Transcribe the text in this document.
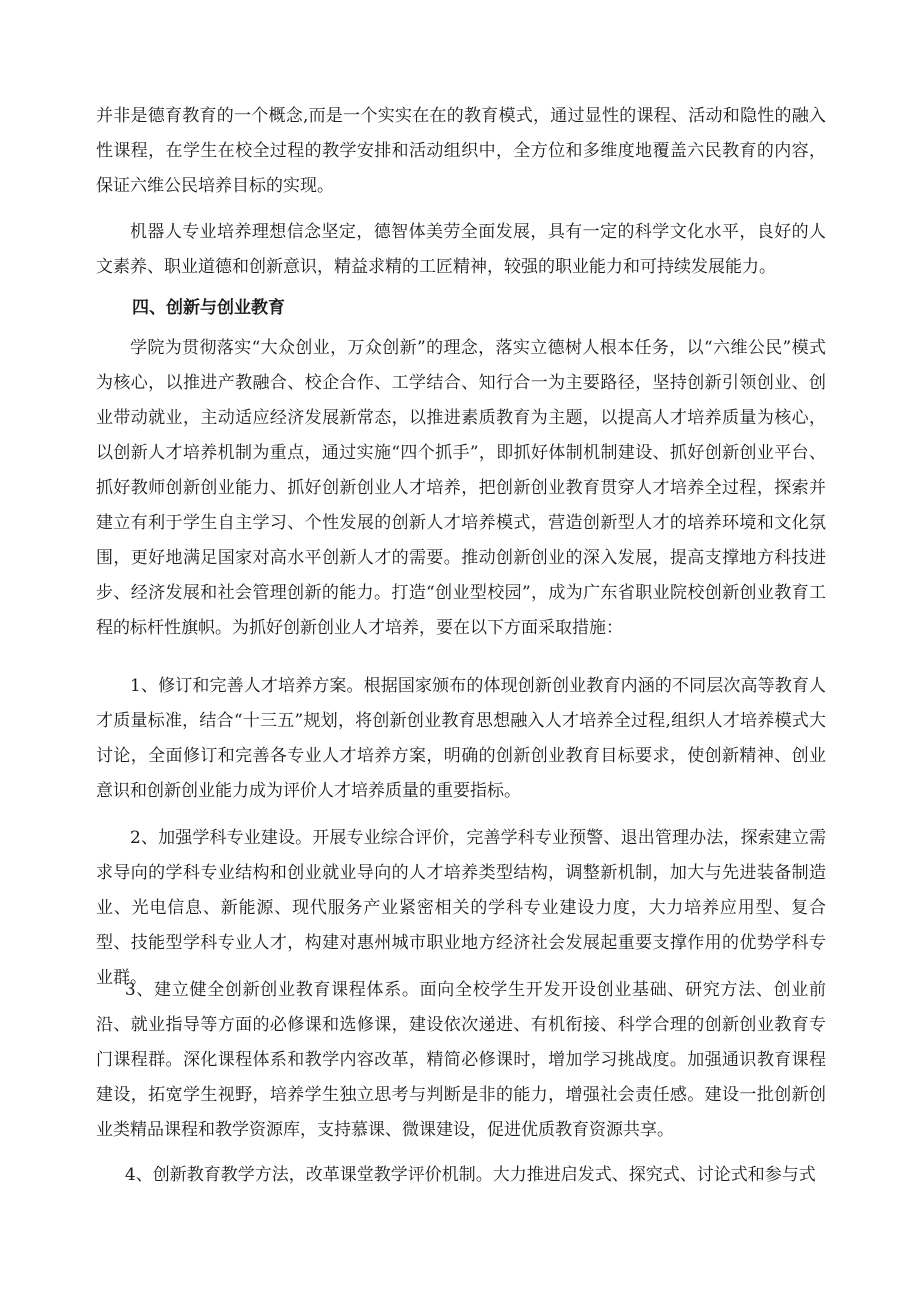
并非是德育教育的一个概念,而是一个实实在在的教育模式，通过显性的课程、活动和隐性的融入性课程，在学生在校全过程的教学安排和活动组织中，全方位和多维度地覆盖六民教育的内容，保证六维公民培养目标的实现。

机器人专业培养理想信念坚定，德智体美劳全面发展，具有一定的科学文化水平，良好的人文素养、职业道德和创新意识，精益求精的工匠精神，较强的职业能力和可持续发展能力。

四、创新与创业教育

学院为贯彻落实“大众创业，万众创新”的理念，落实立德树人根本任务，以“六维公民”模式为核心，以推进产教融合、校企合作、工学结合、知行合一为主要路径，坚持创新引领创业、创业带动就业，主动适应经济发展新常态，以推进素质教育为主题，以提高人才培养质量为核心，以创新人才培养机制为重点，通过实施“四个抓手”，即抓好体制机制建设、抓好创新创业平台、抓好教师创新创业能力、抓好创新创业人才培养，把创新创业教育贯穿人才培养全过程，探索并建立有利于学生自主学习、个性发展的创新人才培养模式，营造创新型人才的培养环境和文化氛围，更好地满足国家对高水平创新人才的需要。推动创新创业的深入发展，提高支撑地方科技进步、经济发展和社会管理创新的能力。打造“创业型校园”，成为广东省职业院校创新创业教育工程的标杆性旗帜。为抓好创新创业人才培养，要在以下方面采取措施：

1、修订和完善人才培养方案。根据国家颁布的体现创新创业教育内涵的不同层次高等教育人才质量标准，结合“十三五”规划，将创新创业教育思想融入人才培养全过程,组织人才培养模式大讨论，全面修订和完善各专业人才培养方案，明确的创新创业教育目标要求，使创新精神、创业意识和创新创业能力成为评价人才培养质量的重要指标。

2、加强学科专业建设。开展专业综合评价，完善学科专业预警、退出管理办法，探索建立需求导向的学科专业结构和创业就业导向的人才培养类型结构，调整新机制，加大与先进装备制造业、光电信息、新能源、现代服务产业紧密相关的学科专业建设力度，大力培养应用型、复合型、技能型学科专业人才，构建对惠州城市职业地方经济社会发展起重要支撑作用的优势学科专业群。

3、建立健全创新创业教育课程体系。面向全校学生开发开设创业基础、研究方法、创业前沿、就业指导等方面的必修课和选修课，建设依次递进、有机衔接、科学合理的创新创业教育专门课程群。深化课程体系和教学内容改革，精简必修课时，增加学习挑战度。加强通识教育课程建设，拓宽学生视野，培养学生独立思考与判断是非的能力，增强社会责任感。建设一批创新创业类精品课程和教学资源库，支持慕课、微课建设，促进优质教育资源共享。

4、创新教育教学方法，改革课堂教学评价机制。大力推进启发式、探究式、讨论式和参与式
